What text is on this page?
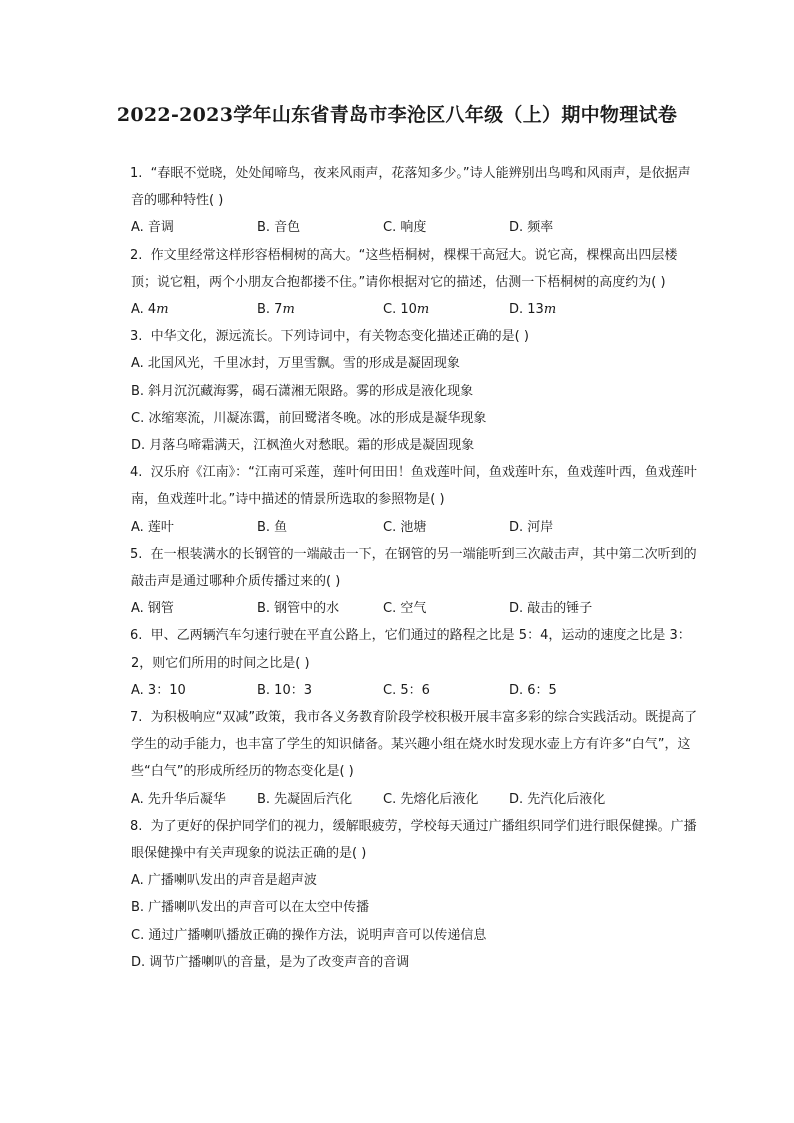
2022-2023学年山东省青岛市李沧区八年级（上）期中物理试卷
1. “春眠不觉晓，处处闻啼鸟，夜来风雨声，花落知多少。”诗人能辨别出鸟鸣和风雨声，是依据声音的哪种特性( )
A. 音调	B. 音色	C. 响度	D. 频率
2. 作文里经常这样形容梧桐树的高大。“这些梧桐树，棵棵干高冠大。说它高，棵棵高出四层楼顶；说它粗，两个小朋友合抱都搂不住。”请你根据对它的描述，估测一下梧桐树的高度约为( )
A. 4m	B. 7m	C. 10m	D. 13m
3. 中华文化，源远流长。下列诗词中，有关物态变化描述正确的是( )
A. 北国风光，千里冰封，万里雪飘。雪的形成是凝固现象
B. 斜月沉沉藏海雾，碣石潇湘无限路。雾的形成是液化现象
C. 冰缩寒流，川凝冻霭，前回鹭渚冬晚。冰的形成是凝华现象
D. 月落乌啼霜满天，江枫渔火对愁眠。霜的形成是凝固现象
4. 汉乐府《江南》：“江南可采莲，莲叶何田田！鱼戏莲叶间，鱼戏莲叶东，鱼戏莲叶西，鱼戏莲叶南，鱼戏莲叶北。”诗中描述的情景所选取的参照物是( )
A. 莲叶	B. 鱼	C. 池塘	D. 河岸
5. 在一根装满水的长钢管的一端敲击一下，在钢管的另一端能听到三次敲击声，其中第二次听到的敲击声是通过哪种介质传播过来的( )
A. 钢管	B. 钢管中的水	C. 空气	D. 敲击的锤子
6. 甲、乙两辆汽车匀速行驶在平直公路上，它们通过的路程之比是 5：4，运动的速度之比是 3：2，则它们所用的时间之比是( )
A. 3：10	B. 10：3	C. 5：6	D. 6：5
7. 为积极响应“双减”政策，我市各义务教育阶段学校积极开展丰富多彩的综合实践活动。既提高了学生的动手能力，也丰富了学生的知识储备。某兴趣小组在烧水时发现水壶上方有许多“白气”，这些“白气”的形成所经历的物态变化是( )
A. 先升华后凝华	B. 先凝固后汽化	C. 先熔化后液化	D. 先汽化后液化
8. 为了更好的保护同学们的视力，缓解眼疲劳，学校每天通过广播组织同学们进行眼保健操。广播眼保健操中有关声现象的说法正确的是( )
A. 广播喇叭发出的声音是超声波
B. 广播喇叭发出的声音可以在太空中传播
C. 通过广播喇叭播放正确的操作方法，说明声音可以传递信息
D. 调节广播喇叭的音量，是为了改变声音的音调
